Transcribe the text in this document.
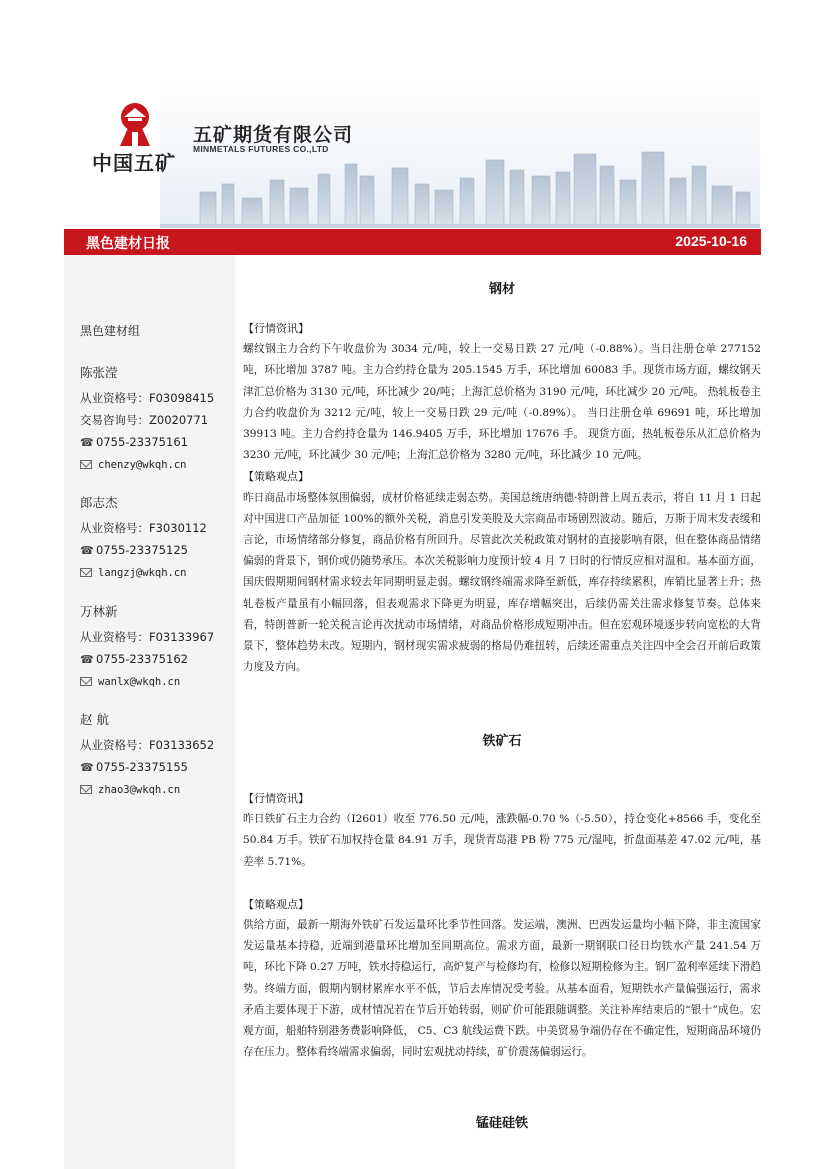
中国五矿
五矿期货有限公司
MINMETALS FUTURES CO.,LTD
黑色建材日报	2025-10-16
黑色建材组
陈张滢
从业资格号：F03098415
交易咨询号：Z0020771
☎ 0755-23375161
chenzy@wkqh.cn
郎志杰
从业资格号：F3030112
☎ 0755-23375125
langzj@wkqh.cn
万林新
从业资格号：F03133967
☎ 0755-23375162
wanlx@wkqh.cn
赵 航
从业资格号：F03133652
☎ 0755-23375155
zhao3@wkqh.cn
钢材
【行情资讯】
螺纹钢主力合约下午收盘价为 3034 元/吨，较上一交易日跌 27 元/吨（-0.88%）。当日注册仓单 277152 吨，环比增加 3787 吨。主力合约持仓量为 205.1545 万手，环比增加 60083 手。现货市场方面，螺纹钢天津汇总价格为 3130 元/吨，环比减少 20/吨；上海汇总价格为 3190 元/吨，环比减少 20 元/吨。 热轧板卷主力合约收盘价为 3212 元/吨，较上一交易日跌 29 元/吨（-0.89%）。 当日注册仓单 69691 吨，环比增加 39913 吨。主力合约持仓量为 146.9405 万手，环比增加 17676 手。 现货方面，热轧板卷乐从汇总价格为 3230 元/吨，环比减少 30 元/吨；上海汇总价格为 3280 元/吨，环比减少 10 元/吨。
【策略观点】
昨日商品市场整体氛围偏弱，成材价格延续走弱态势。美国总统唐纳德·特朗普上周五表示，将自 11 月 1 日起对中国进口产品加征 100%的额外关税，消息引发美股及大宗商品市场剧烈波动。随后，万斯于周末发表缓和言论，市场情绪部分修复，商品价格有所回升。尽管此次关税政策对钢材的直接影响有限，但在整体商品情绪偏弱的背景下，钢价或仍随势承压。本次关税影响力度预计较 4 月 7 日时的行情反应相对温和。基本面方面，国庆假期期间钢材需求较去年同期明显走弱。螺纹钢终端需求降至新低，库存持续累积，库销比显著上升；热轧卷板产量虽有小幅回落，但表观需求下降更为明显，库存增幅突出，后续仍需关注需求修复节奏。总体来看，特朗普新一轮关税言论再次扰动市场情绪，对商品价格形成短期冲击。但在宏观环境逐步转向宽松的大背景下，整体趋势未改。短期内，钢材现实需求疲弱的格局仍难扭转，后续还需重点关注四中全会召开前后政策力度及方向。
铁矿石
【行情资讯】
昨日铁矿石主力合约（I2601）收至 776.50 元/吨，涨跌幅-0.70 %（-5.50），持仓变化+8566 手，变化至 50.84 万手。铁矿石加权持仓量 84.91 万手，现货青岛港 PB 粉 775 元/湿吨，折盘面基差 47.02 元/吨，基差率 5.71%。
【策略观点】
供给方面，最新一期海外铁矿石发运量环比季节性回落。发运端，澳洲、巴西发运量均小幅下降，非主流国家发运量基本持稳，近端到港量环比增加至同期高位。需求方面，最新一期钢联口径日均铁水产量 241.54 万吨，环比下降 0.27 万吨，铁水持稳运行，高炉复产与检修均有，检修以短期检修为主。钢厂盈利率延续下滑趋势。终端方面，假期内钢材累库水平不低，节后去库情况受考验。从基本面看，短期铁水产量偏强运行，需求矛盾主要体现于下游，成材情况若在节后开始转弱，则矿价可能跟随调整。关注补库结束后的“银十”成色。宏观方面，船舶特别港务费影响降低， C5、C3 航线运费下跌。中美贸易争端仍存在不确定性，短期商品环境仍存在压力。整体看终端需求偏弱，同时宏观扰动持续，矿价震荡偏弱运行。
锰硅硅铁
